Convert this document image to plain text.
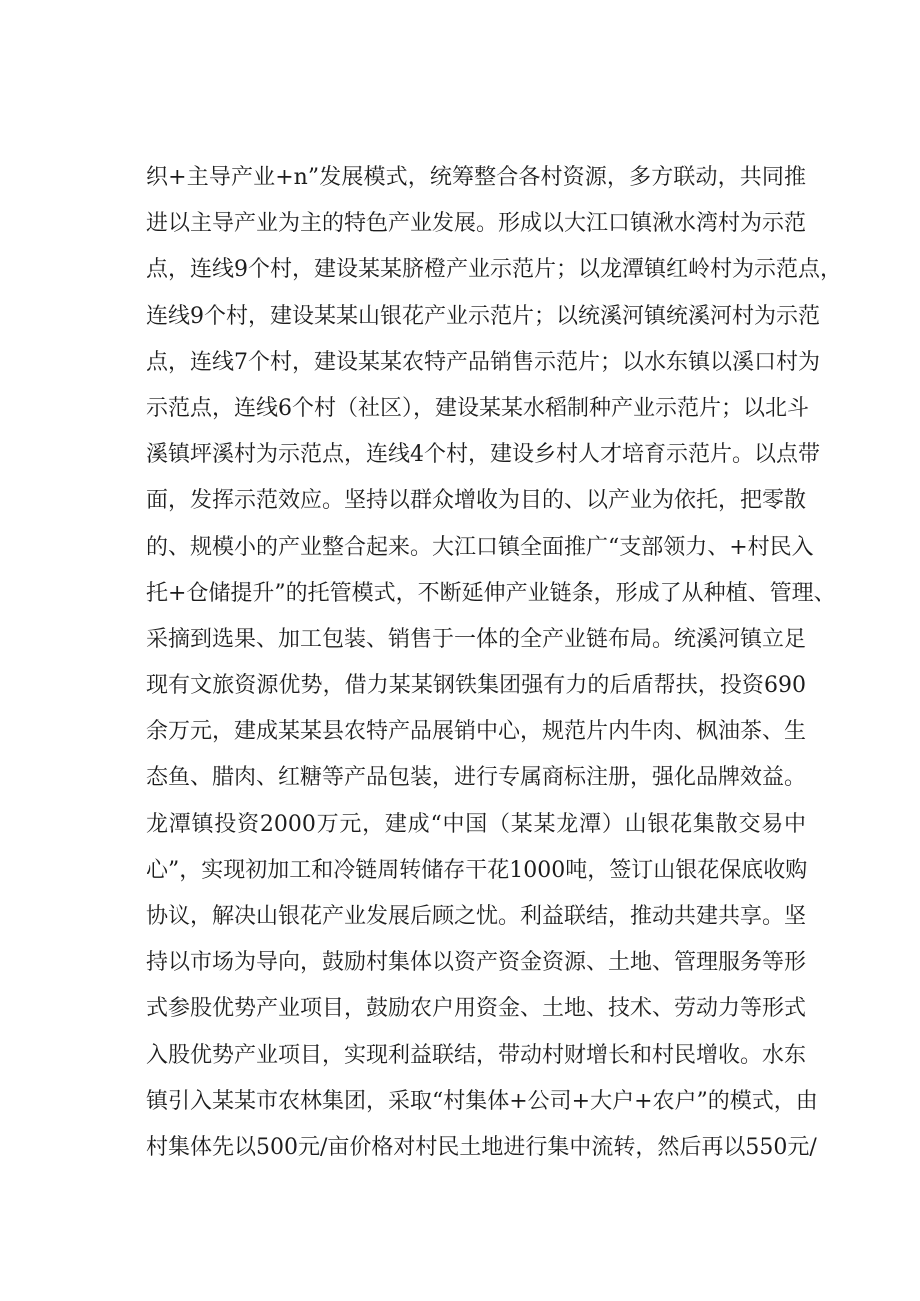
织+主导产业+n”发展模式，统筹整合各村资源，多方联动，共同推
进以主导产业为主的特色产业发展。形成以大江口镇湫水湾村为示范
点，连线9个村，建设某某脐橙产业示范片；以龙潭镇红岭村为示范点，
连线9个村，建设某某山银花产业示范片；以统溪河镇统溪河村为示范
点，连线7个村，建设某某农特产品销售示范片；以水东镇以溪口村为
示范点，连线6个村（社区），建设某某水稻制种产业示范片；以北斗
溪镇坪溪村为示范点，连线4个村，建设乡村人才培育示范片。以点带
面，发挥示范效应。坚持以群众增收为目的、以产业为依托，把零散
的、规模小的产业整合起来。大江口镇全面推广“支部领力、+村民入
托+仓储提升”的托管模式，不断延伸产业链条，形成了从种植、管理、
采摘到选果、加工包装、销售于一体的全产业链布局。统溪河镇立足
现有文旅资源优势，借力某某钢铁集团强有力的后盾帮扶，投资690
余万元，建成某某县农特产品展销中心，规范片内牛肉、枫油茶、生
态鱼、腊肉、红糖等产品包装，进行专属商标注册，强化品牌效益。
龙潭镇投资2000万元，建成“中国（某某龙潭）山银花集散交易中
心”，实现初加工和冷链周转储存干花1000吨，签订山银花保底收购
协议，解决山银花产业发展后顾之忧。利益联结，推动共建共享。坚
持以市场为导向，鼓励村集体以资产资金资源、土地、管理服务等形
式参股优势产业项目，鼓励农户用资金、土地、技术、劳动力等形式
入股优势产业项目，实现利益联结，带动村财增长和村民增收。水东
镇引入某某市农林集团，采取“村集体+公司+大户+农户”的模式，由
村集体先以500元/亩价格对村民土地进行集中流转，然后再以550元/
